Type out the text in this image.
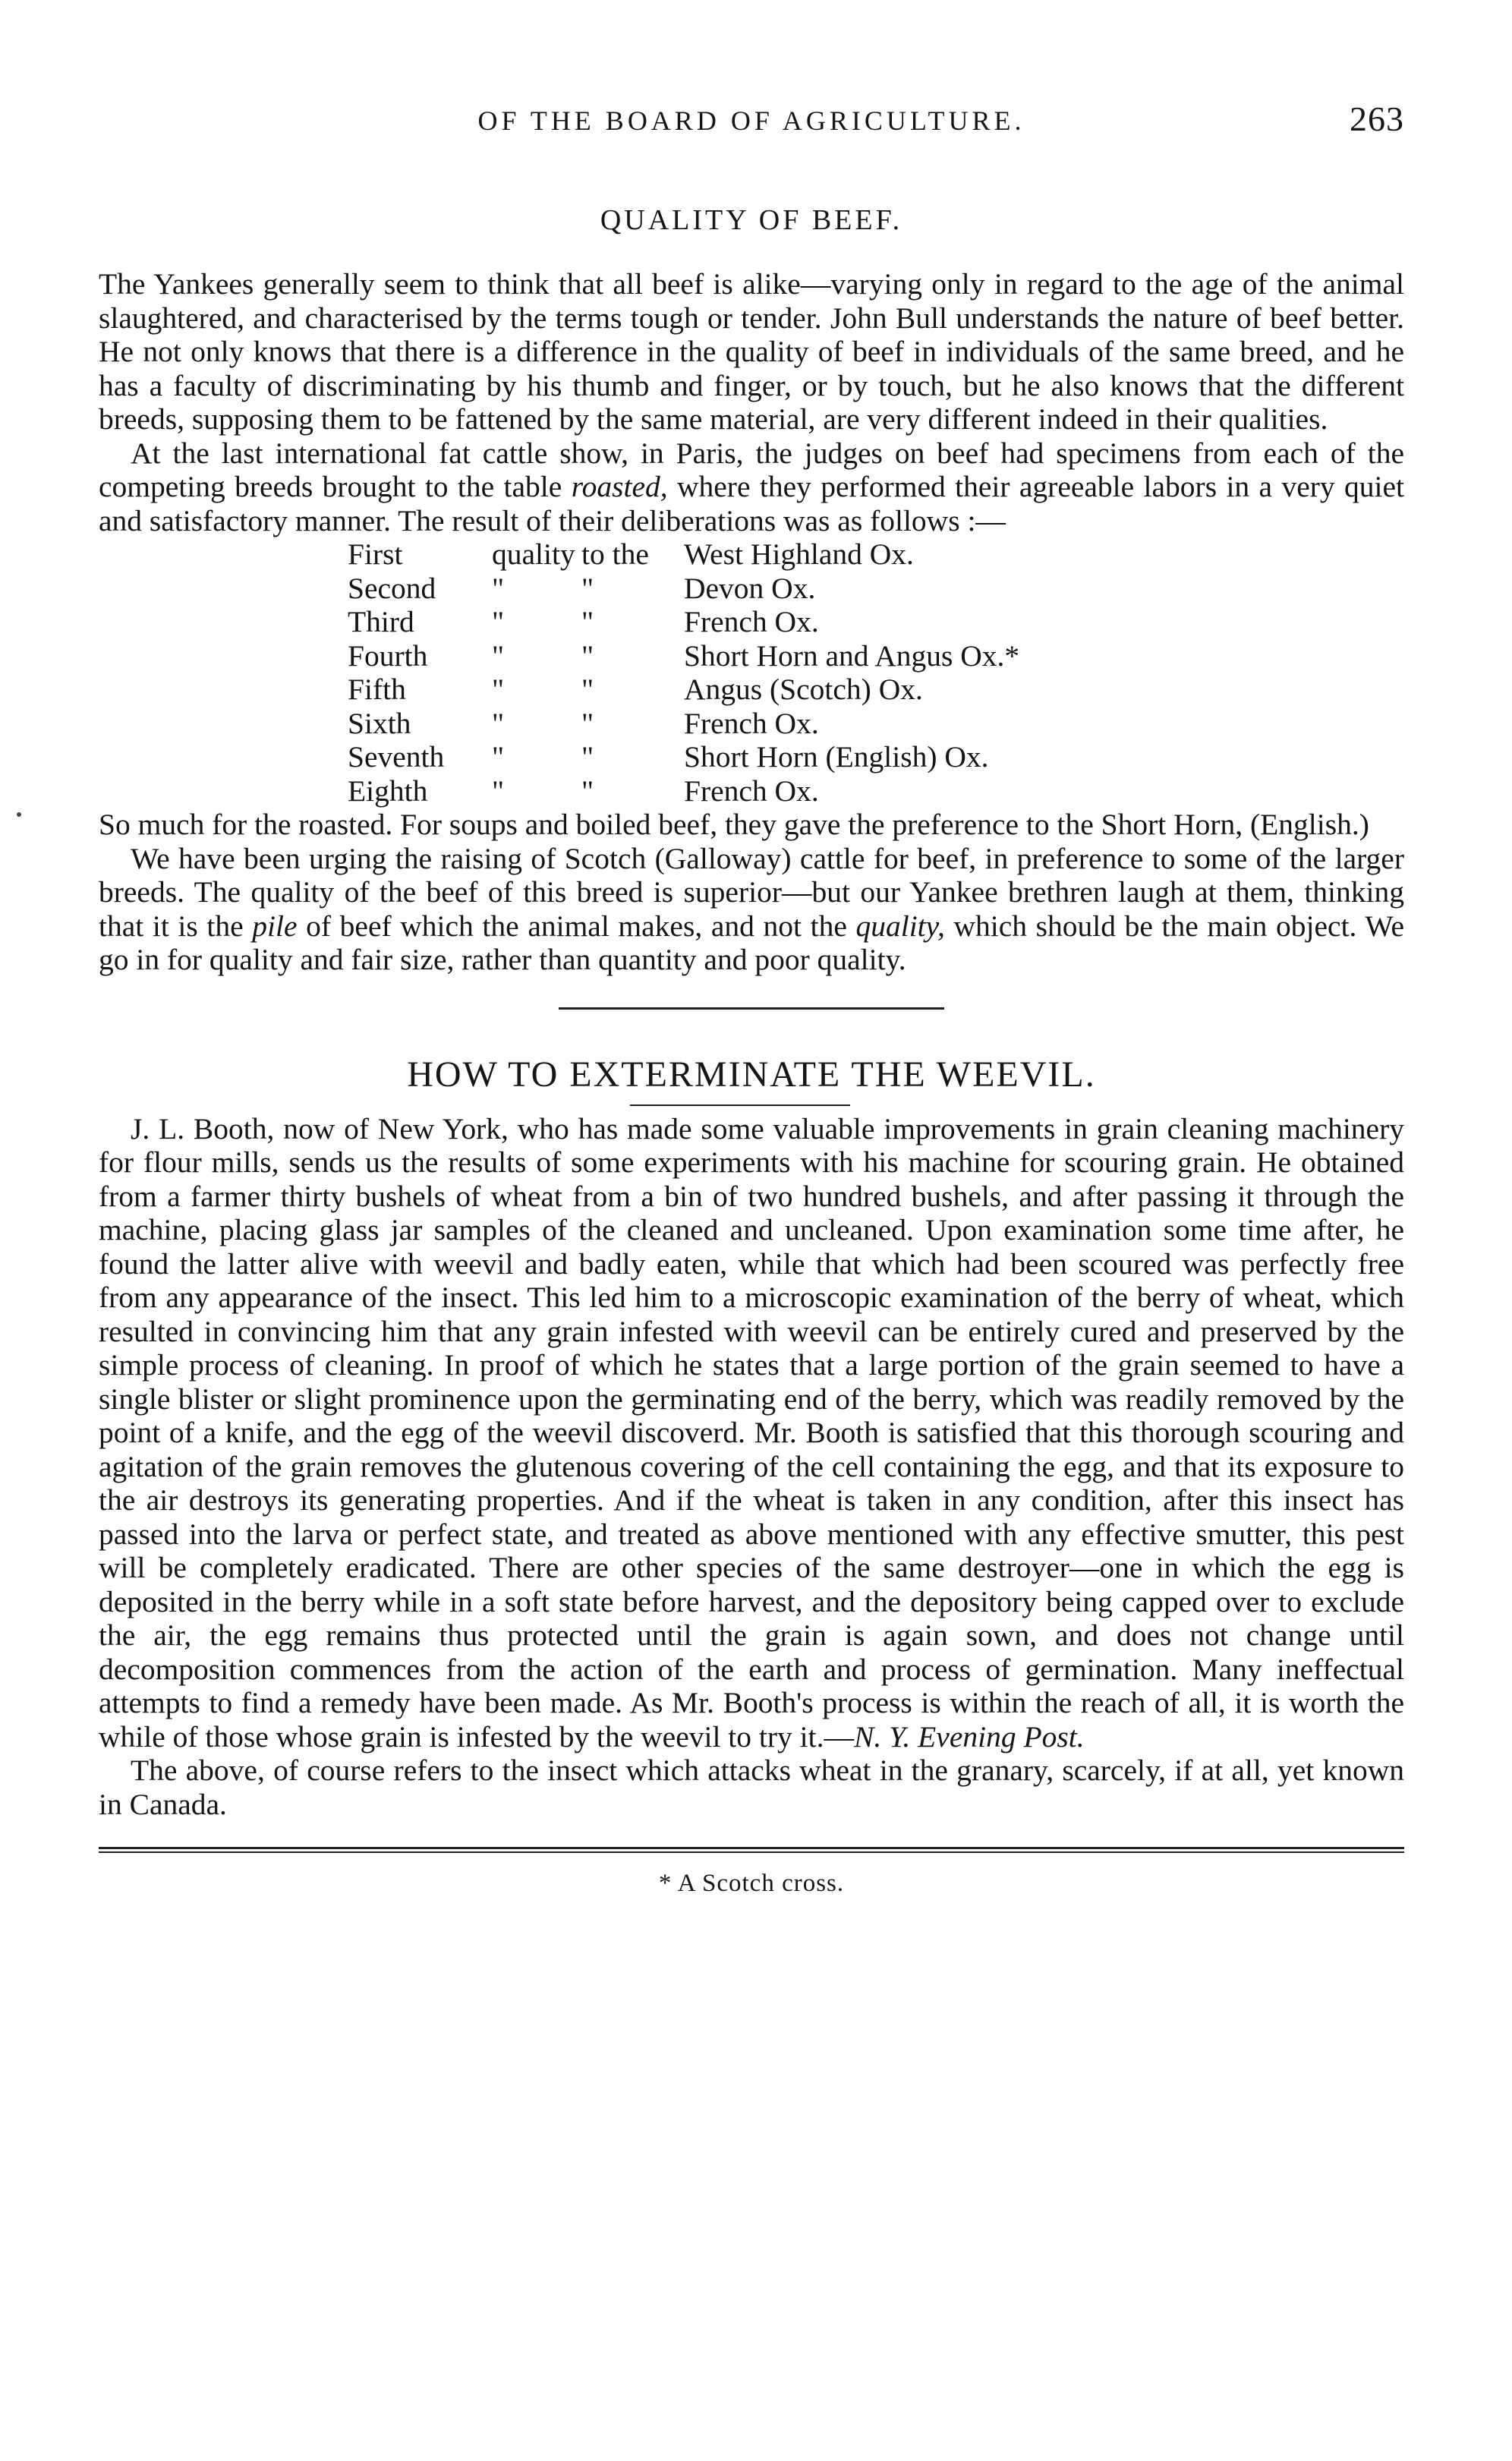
OF THE BOARD OF AGRICULTURE.	263
QUALITY OF BEEF.

The Yankees generally seem to think that all beef is alike—varying only in regard to the age of the animal slaughtered, and characterised by the terms tough or tender. John Bull understands the nature of beef better. He not only knows that there is a difference in the quality of beef in individuals of the same breed, and he has a faculty of discriminating by his thumb and finger, or by touch, but he also knows that the different breeds, supposing them to be fattened by the same material, are very different indeed in their qualities.

At the last international fat cattle show, in Paris, the judges on beef had specimens from each of the competing breeds brought to the table roasted, where they performed their agreeable labors in a very quiet and satisfactory manner. The result of their deliberations was as follows :—

First	quality to the	West Highland Ox.
Second	"	"	Devon Ox.
Third	"	"	French Ox.
Fourth	"	"	Short Horn and Angus Ox.*
Fifth	"	"	Angus (Scotch) Ox.
Sixth	"	"	French Ox.
Seventh	"	"	Short Horn (English) Ox.
Eighth	"	"	French Ox.

So much for the roasted. For soups and boiled beef, they gave the preference to the Short Horn, (English.)

We have been urging the raising of Scotch (Galloway) cattle for beef, in preference to some of the larger breeds. The quality of the beef of this breed is superior—but our Yankee brethren laugh at them, thinking that it is the pile of beef which the animal makes, and not the quality, which should be the main object. We go in for quality and fair size, rather than quantity and poor quality.

HOW TO EXTERMINATE THE WEEVIL.

J. L. Booth, now of New York, who has made some valuable improvements in grain cleaning machinery for flour mills, sends us the results of some experiments with his machine for scouring grain. He obtained from a farmer thirty bushels of wheat from a bin of two hundred bushels, and after passing it through the machine, placing glass jar samples of the cleaned and uncleaned. Upon examination some time after, he found the latter alive with weevil and badly eaten, while that which had been scoured was perfectly free from any appearance of the insect. This led him to a microscopic examination of the berry of wheat, which resulted in convincing him that any grain infested with weevil can be entirely cured and preserved by the simple process of cleaning. In proof of which he states that a large portion of the grain seemed to have a single blister or slight prominence upon the germinating end of the berry, which was readily removed by the point of a knife, and the egg of the weevil discoverd. Mr. Booth is satisfied that this thorough scouring and agitation of the grain removes the glutenous covering of the cell containing the egg, and that its exposure to the air destroys its generating properties. And if the wheat is taken in any condition, after this insect has passed into the larva or perfect state, and treated as above mentioned with any effective smutter, this pest will be completely eradicated. There are other species of the same destroyer—one in which the egg is deposited in the berry while in a soft state before harvest, and the depository being capped over to exclude the air, the egg remains thus protected until the grain is again sown, and does not change until decomposition commences from the action of the earth and process of germination. Many ineffectual attempts to find a remedy have been made. As Mr. Booth's process is within the reach of all, it is worth the while of those whose grain is infested by the weevil to try it.—N. Y. Evening Post.

The above, of course refers to the insect which attacks wheat in the granary, scarcely, if at all, yet known in Canada.

* A Scotch cross.
